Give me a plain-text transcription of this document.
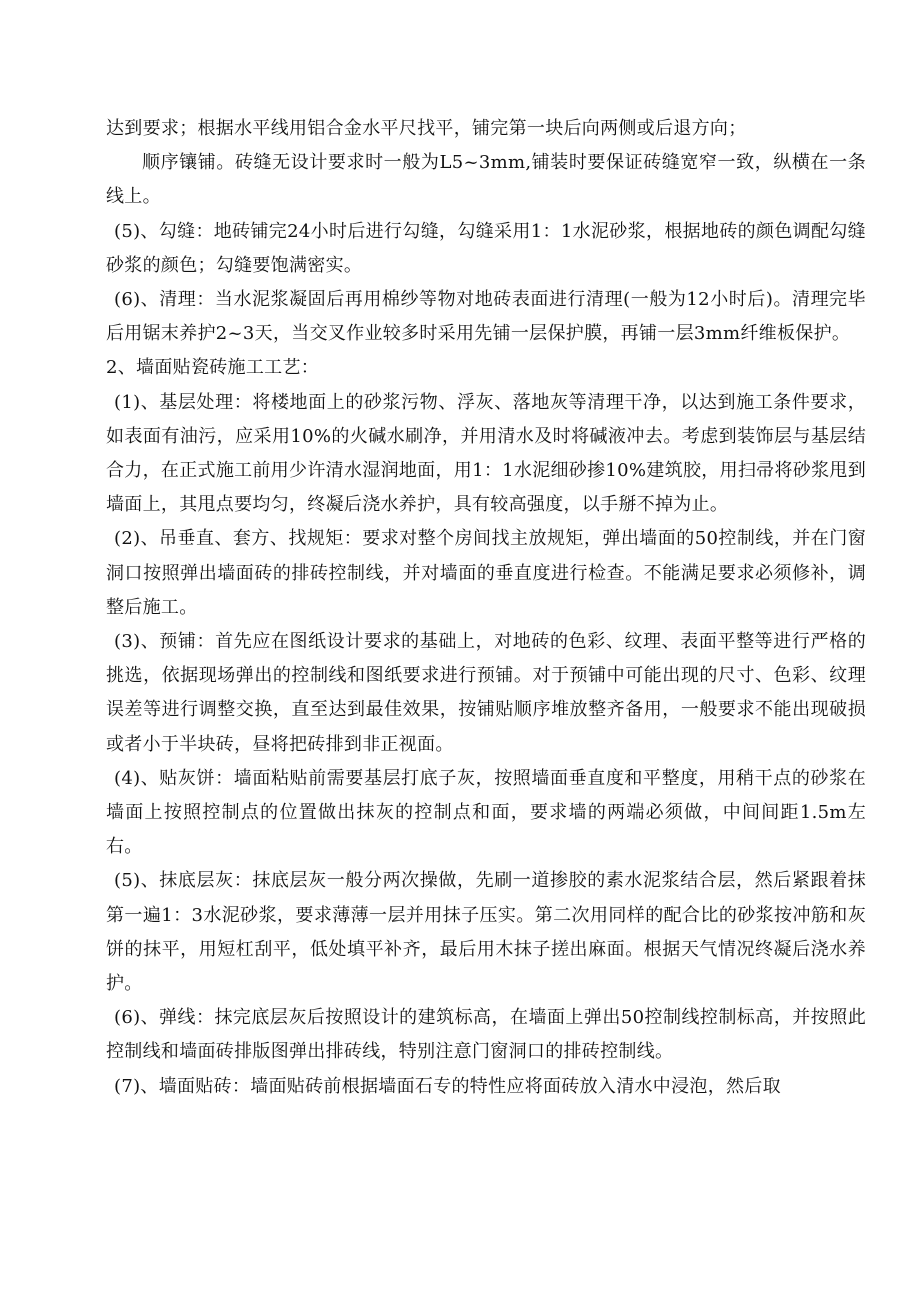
达到要求；根据水平线用铝合金水平尺找平，铺完第一块后向两侧或后退方向；

顺序镶铺。砖缝无设计要求时一般为L5~3mm,铺装时要保证砖缝宽窄一致，纵横在一条线上。

(5)、勾缝：地砖铺完24小时后进行勾缝，勾缝采用1：1水泥砂浆，根据地砖的颜色调配勾缝砂浆的颜色；勾缝要饱满密实。

(6)、清理：当水泥浆凝固后再用棉纱等物对地砖表面进行清理(一般为12小时后)。清理完毕后用锯末养护2~3天，当交叉作业较多时采用先铺一层保护膜，再铺一层3mm纤维板保护。

2、墙面贴瓷砖施工工艺：

(1)、基层处理：将楼地面上的砂浆污物、浮灰、落地灰等清理干净，以达到施工条件要求，如表面有油污，应采用10%的火碱水刷净，并用清水及时将碱液冲去。考虑到装饰层与基层结合力，在正式施工前用少许清水湿润地面，用1：1水泥细砂掺10%建筑胶，用扫帚将砂浆甩到墙面上，其甩点要均匀，终凝后浇水养护，具有较高强度，以手掰不掉为止。

(2)、吊垂直、套方、找规矩：要求对整个房间找主放规矩，弹出墙面的50控制线，并在门窗洞口按照弹出墙面砖的排砖控制线，并对墙面的垂直度进行检查。不能满足要求必须修补，调整后施工。

(3)、预铺：首先应在图纸设计要求的基础上，对地砖的色彩、纹理、表面平整等进行严格的挑选，依据现场弹出的控制线和图纸要求进行预铺。对于预铺中可能出现的尺寸、色彩、纹理误差等进行调整交换，直至达到最佳效果，按铺贴顺序堆放整齐备用，一般要求不能出现破损或者小于半块砖，昼将把砖排到非正视面。

(4)、贴灰饼：墙面粘贴前需要基层打底子灰，按照墙面垂直度和平整度，用稍干点的砂浆在墙面上按照控制点的位置做出抹灰的控制点和面，要求墙的两端必须做，中间间距1.5m左右。

(5)、抹底层灰：抹底层灰一般分两次操做，先刷一道掺胶的素水泥浆结合层，然后紧跟着抹第一遍1：3水泥砂浆，要求薄薄一层并用抹子压实。第二次用同样的配合比的砂浆按冲筋和灰饼的抹平，用短杠刮平，低处填平补齐，最后用木抹子搓出麻面。根据天气情况终凝后浇水养护。

(6)、弹线：抹完底层灰后按照设计的建筑标高，在墙面上弹出50控制线控制标高，并按照此控制线和墙面砖排版图弹出排砖线，特别注意门窗洞口的排砖控制线。

(7)、墙面贴砖：墙面贴砖前根据墙面石专的特性应将面砖放入清水中浸泡，然后取
